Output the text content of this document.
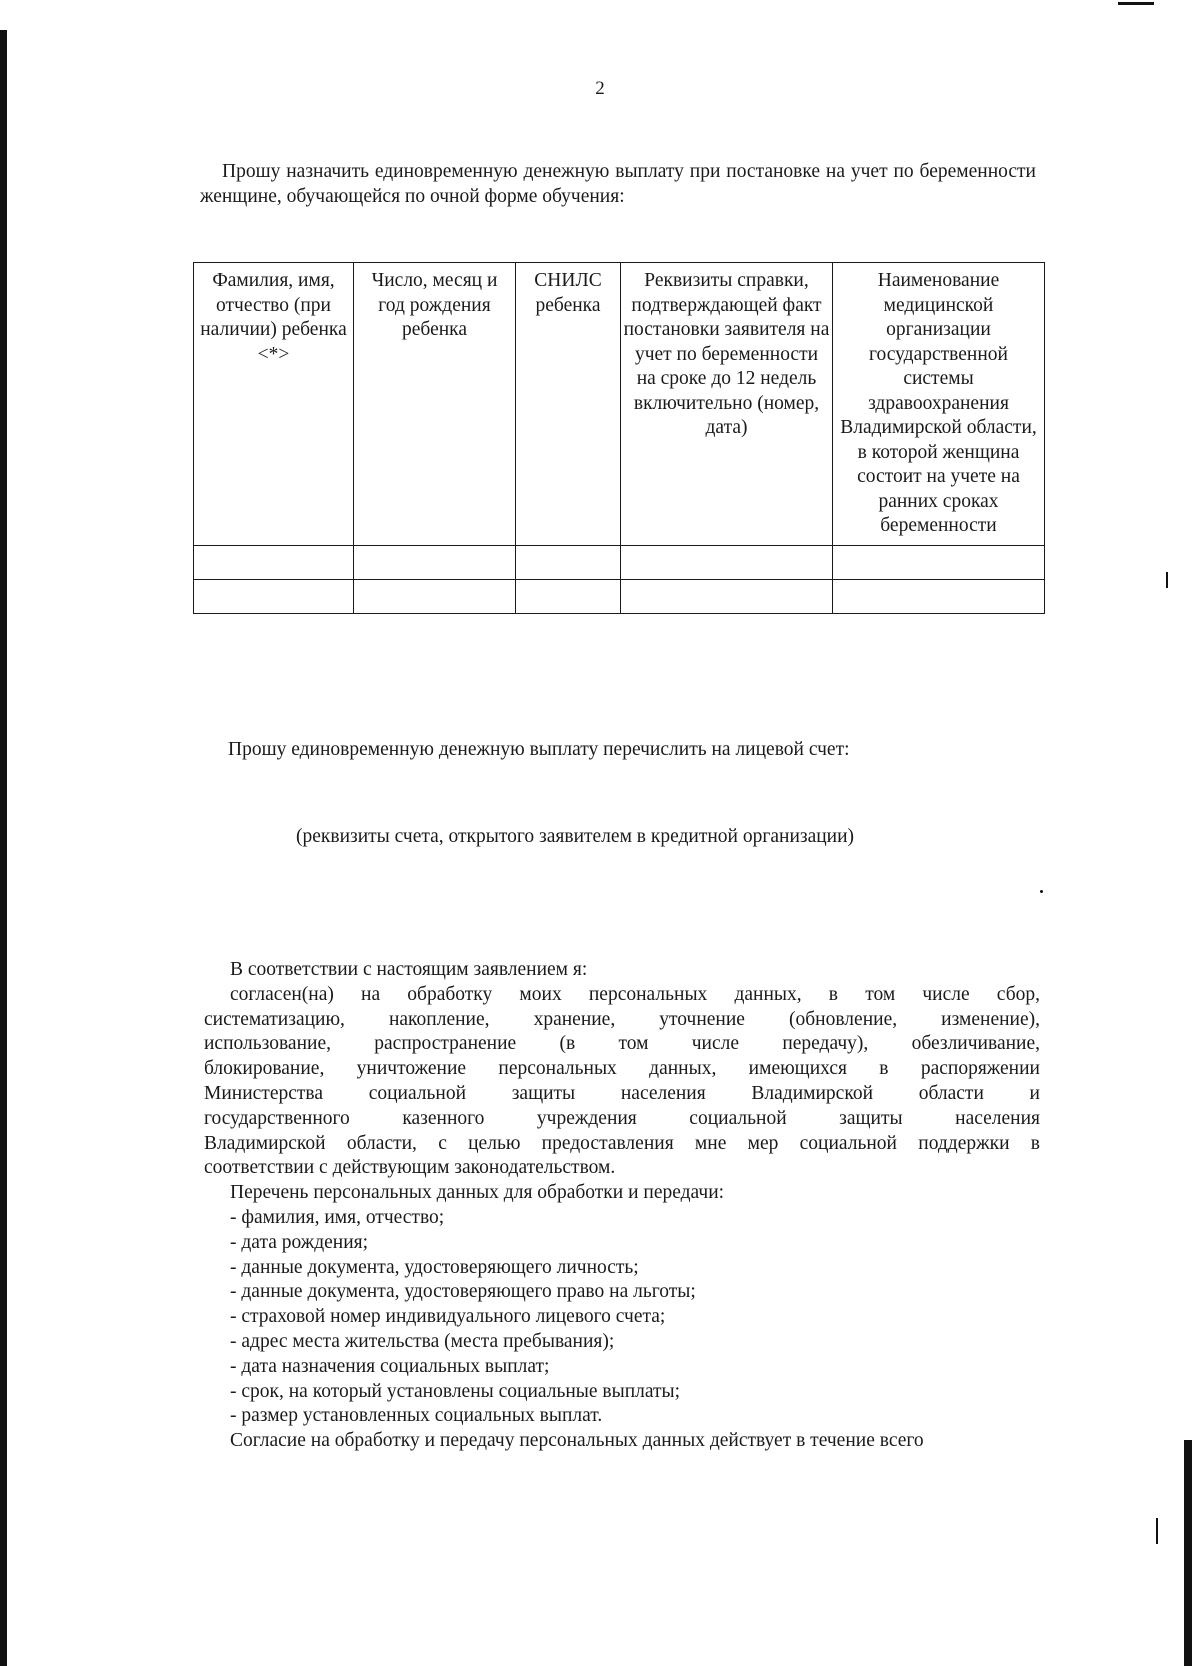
2
Прошу назначить единовременную денежную выплату при постановке на учет по беременности женщине, обучающейся по очной форме обучения:
Фамилия, имя, отчество (при наличии) ребенка <*>	Число, месяц и год рождения ребенка	СНИЛС ребенка	Реквизиты справки, подтверждающей факт постановки заявителя на учет по беременности на сроке до 12 недель включительно (номер, дата)	Наименование медицинской организации государственной системы здравоохранения Владимирской области, в которой женщина состоит на учете на ранних сроках беременности

Прошу единовременную денежную выплату перечислить на лицевой счет:
(реквизиты счета, открытого заявителем в кредитной организации)
В соответствии с настоящим заявлением я:
согласен(на) на обработку моих персональных данных, в том числе сбор,
систематизацию, накопление, хранение, уточнение (обновление, изменение),
использование, распространение (в том числе передачу), обезличивание,
блокирование, уничтожение персональных данных, имеющихся в распоряжении
Министерства социальной защиты населения Владимирской области и
государственного казенного учреждения социальной защиты населения
Владимирской области, с целью предоставления мне мер социальной поддержки в
соответствии с действующим законодательством.
Перечень персональных данных для обработки и передачи:
- фамилия, имя, отчество;
- дата рождения;
- данные документа, удостоверяющего личность;
- данные документа, удостоверяющего право на льготы;
- страховой номер индивидуального лицевого счета;
- адрес места жительства (места пребывания);
- дата назначения социальных выплат;
- срок, на который установлены социальные выплаты;
- размер установленных социальных выплат.
Согласие на обработку и передачу персональных данных действует в течение всего
